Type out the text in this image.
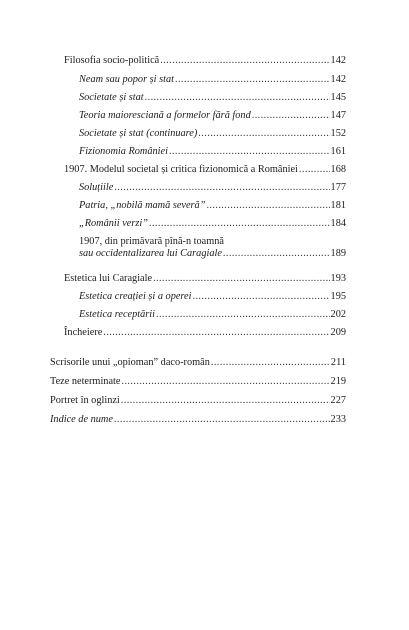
Filosofia socio-politică .....	142
Neam sau popor și stat .....	142
Societate și stat .....	145
Teoria maioresciană a formelor fără fond .....	147
Societate și stat (continuare) .....	152
Fizionomia României .....	161
1907. Modelul societal și critica fizionomică a României .....	168
Soluțiile .....	177
Patria, „nobilă mamă severă” .....	181
„Românii verzi” .....	184
1907, din primăvară pînă-n toamnă
sau occidentalizarea lui Caragiale .....	189
Estetica lui Caragiale .....	193
Estetica creației și a operei .....	195
Estetica receptării .....	202
Încheiere .....	209
Scrisorile unui „opioman” daco-român .....	211
Teze neterminate .....	219
Portret în oglinzi .....	227
Indice de nume .....	233
